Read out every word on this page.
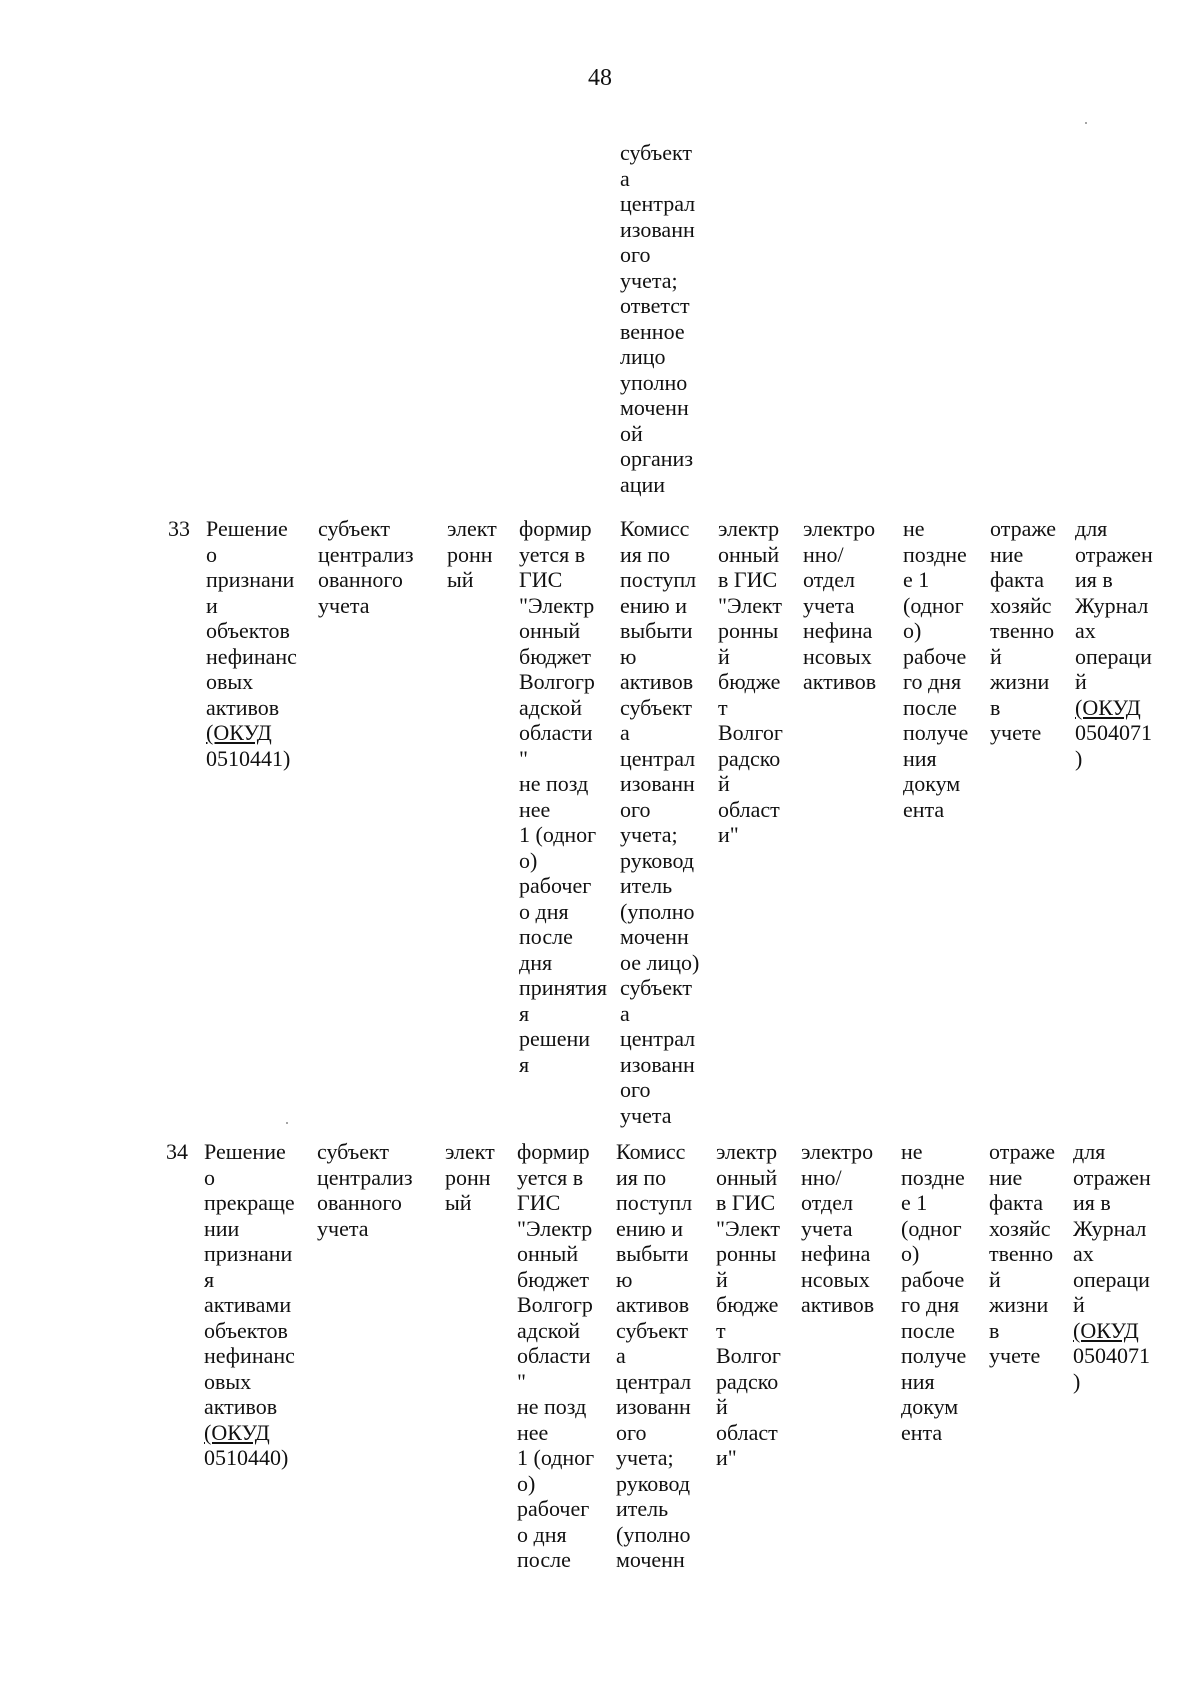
48
субъект
а
централ
изованн
ого
учета;
ответст
венное
лицо
уполно
моченн
ой
организ
ации
33 Решение
о
признани
и
объектов
нефинанс
овых
активов
(ОКУД
0510441)
субъект
централиз
ованного
учета
элект
ронн
ый
формир
уется в
ГИС
"Электр
онный
бюджет
Волгогр
адской
области
"
не позд
нее
1 (одног
о)
рабочег
о дня
после
дня
принятия
я
решени
я
Комисс
ия по
поступл
ению и
выбыти
ю
активов
субъект
а
централ
изованн
ого
учета;
руковод
итель
(уполно
моченн
ое лицо)
субъект
а
централ
изованн
ого
учета
электр
онный
в ГИС
"Элект
ронны
й
бюдже
т
Волгог
радско
й
област
и"
электро
нно/
отдел
учета
нефина
нсовых
активов
не
поздне
е 1
(одног
о)
рабоче
го дня
после
получе
ния
докум
ента
отраже
ние
факта
хозяйс
твенно
й
жизни
в
учете
для
отражен
ия в
Журнал
ах
операци
й
(ОКУД
0504071
)
34 Решение
о
прекраще
нии
признани
я
активами
объектов
нефинанс
овых
активов
(ОКУД
0510440)
субъект
централиз
ованного
учета
элект
ронн
ый
формир
уется в
ГИС
"Электр
онный
бюджет
Волгогр
адской
области
"
не позд
нее
1 (одног
о)
рабочег
о дня
после
Комисс
ия по
поступл
ению и
выбыти
ю
активов
субъект
а
централ
изованн
ого
учета;
руковод
итель
(уполно
моченн
электр
онный
в ГИС
"Элект
ронны
й
бюдже
т
Волгог
радско
й
област
и"
электро
нно/
отдел
учета
нефина
нсовых
активов
не
поздне
е 1
(одног
о)
рабоче
го дня
после
получе
ния
докум
ента
отраже
ние
факта
хозяйс
твенно
й
жизни
в
учете
для
отражен
ия в
Журнал
ах
операци
й
(ОКУД
0504071
)
